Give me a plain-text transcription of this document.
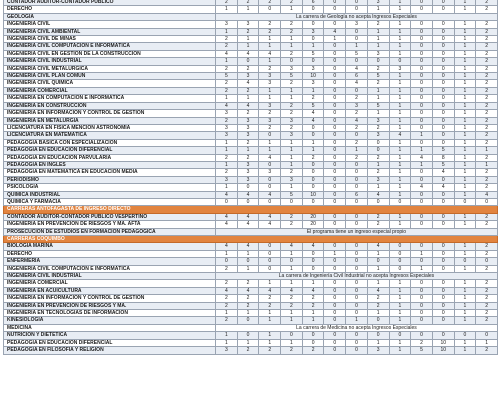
CONTADOR AUDITOR-CONTADOR PÚBLICO	2	2	2	2	6	0	0	3	1	0	0	1	2
DERECHO	1	1	0	1	0	0	0	1	1	0	0	1	2
GEOLOGÍA	La carrera de Geología no acepta Ingresos Especiales												
INGENIERÍA CIVIL	3	3	2	2	0	0	3	2	1	0	0	1	2
INGENIERÍA CIVIL AMBIENTAL	1	2	2	2	3	4	0	1	1	0	0	1	2
INGENIERÍA CIVIL DE MINAS	2	1	1	1	0	1	0	1	1	0	0	1	2
INGENIERÍA CIVIL COMPUTACIÓN E INFORMÁTICA	2	1	1	1	1	0	1	1	1	0	0	1	2
INGENIERÍA CIVIL EN GESTIÓN DE LA CONSTRUCCIÓN	4	4	4	2	5	0	5	3	1	0	0	1	2
INGENIERÍA CIVIL INDUSTRIAL	1	0	1	0	0	0	0	0	0	0	0	1	2
INGENIERÍA CIVIL METALÚRGICA	2	2	2	3	3	0	4	2	3	0	0	1	2
INGENIERÍA CIVIL PLAN COMÚN	5	3	3	5	10	0	6	5	1	0	0	1	2
INGENIERÍA CIVIL QUÍMICA	2	4	3	2	3	0	4	2	1	0	0	1	2
INGENIERÍA COMERCIAL	2	2	1	1	1	0	0	1	1	0	0	1	2
INGENIERÍA EN COMPUTACIÓN E INFORMÁTICA	1	1	1	1	2	0	2	1	1	0	0	1	2
INGENIERÍA EN CONSTRUCCIÓN	4	4	3	2	5	0	3	5	1	0	0	1	2
INGENIERÍA EN INFORMACIÓN Y CONTROL DE GESTIÓN	3	2	2	2	4	0	2	1	1	0	0	1	2
INGENIERÍA EN METALURGIA	2	3	3	3	4	0	4	3	1	0	0	1	2
LICENCIATURA EN FÍSICA MENCIÓN ASTRONOMÍA	3	3	2	2	0	0	2	2	1	0	0	1	2
LICENCIATURA EN MATEMÁTICA	3	3	0	3	0	0	0	3	4	1	0	1	2
PEDAGOGÍA BÁSICA CON ESPECIALIZACIÓN	1	2	1	1	1	0	2	0	1	0	0	1	2
PEDAGOGÍA EN EDUCACIÓN DIFERENCIAL	1	1	1	1	1	0	1	0	1	1	5	1	1
PEDAGOGÍA EN EDUCACIÓN PARVULARIA	2	2	4	1	2	0	2	2	1	4	8	1	2
PEDAGOGÍA EN INGLÉS	1	3	0	1	0	0	0	1	1	1	5	1	1
PEDAGOGÍA EN MATEMÁTICA EN EDUCACIÓN MEDIA	2	3	3	2	0	0	0	2	1	0	4	1	2
PERIODISMO	3	3	0	3	0	0	0	3	1	0	0	1	2
PSICOLOGÍA	1	0	0	1	0	0	0	1	1	4	4	1	2
QUÍMICA INDUSTRIAL	4	4	4	5	10	0	6	4	1	0	0	1	4
QUÍMICA Y FARMACIA	0	0	0	0	0	0	0	0	0	0	0	0	0
CARRERAS ANTOFAGASTA DE INGRESO DIRECTO													
CONTADOR AUDITOR-CONTADOR PÚBLICO VESPERTINO	4	4	4	2	20	0	0	2	1	0	0	1	2
INGENIERÍA EN PREVENCIÓN DE RIESGOS Y MA. AFTA	4	4	4	2	20	0	0	2	1	0	0	1	2
PROSECUCIÓN DE ESTUDIOS EN FORMACIÓN PEDAGÓGICA	El programa tiene un ingreso especial propio												
CARRERAS COQUIMBO													
BIOLOGÍA MARINA	4	4	0	4	4	0	0	4	0	0	0	1	2
DERECHO	1	1	0	1	0	1	0	1	0	1	0	1	2
ENFERMERÍA	0	0	0	0	0	0	0	0	0	0	0	0	0
INGENIERÍA CIVIL COMPUTACIÓN E INFORMÁTICA	2	1	0	1	0	0	0	1	0	1	0	1	2
INGENIERÍA CIVIL INDUSTRIAL	La carrera de Ingeniería Civil Industrial no acepta Ingresos Especiales												
INGENIERÍA COMERCIAL	2	2	1	1	1	0	0	1	1	0	0	1	2
INGENIERÍA EN ACUICULTURA	4	4	4	4	4	0	0	4	1	0	0	1	2
INGENIERÍA EN INFORMACIÓN Y CONTROL DE GESTIÓN	2	2	2	2	2	0	0	2	1	0	0	1	2
INGENIERÍA EN PREVENCIÓN DE RIESGOS Y MA.	2	2	2	2	2	0	0	2	1	0	0	1	2
INGENIERÍA EN TECNOLOGÍAS DE INFORMACIÓN	1	1	1	1	1	0	0	1	1	0	0	1	2
KINESIOLOGÍA	2	0	1	1	1	0	1	0	1	0	0	1	2
MEDICINA	La carrera de Medicina no acepta Ingresos Especiales												
NUTRICIÓN Y DIETÉTICA	1	0	1	0	0	0	0	0	0	0	0	0	0
PEDAGOGÍA EN EDUCACIÓN DIFERENCIAL	1	1	1	1	0	0	0	1	1	2	10	1	1
PEDAGOGÍA EN FILOSOFÍA Y RELIGIÓN	3	2	2	2	2	0	0	3	1	5	10	1	2
